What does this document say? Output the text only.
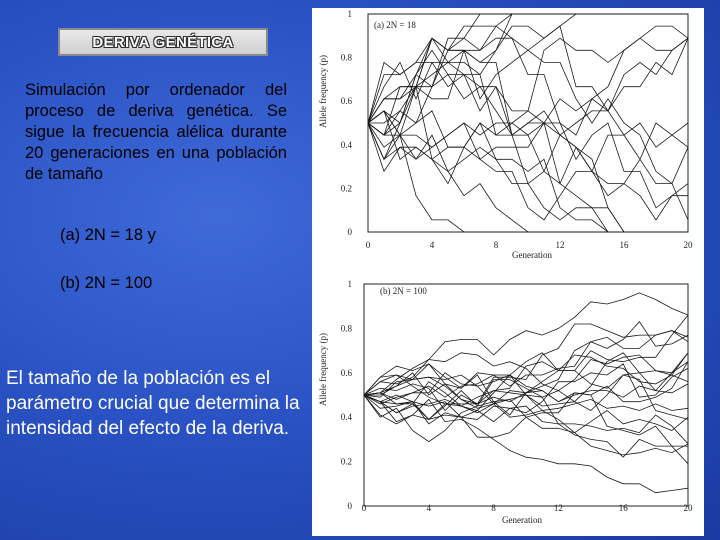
DERIVA GENÉTICA
Simulación por ordenador del proceso de deriva genética. Se sigue la frecuencia alélica durante 20 generaciones en una población de tamaño
(a) 2N = 18 y
(b) 2N = 100
El tamaño de la población es el parámetro crucial que determina la intensidad del efecto de la deriva.
(a) 2N = 18
Allele frequency (p)
Generation
0
0.2
0.4
0.6
0.8
1
0	4	8	12	16	20
(b) 2N = 100
Allele frequency (p)
Generation
0
0.2
0.4
0.6
0.8
1
0	4	8	12	16	20
